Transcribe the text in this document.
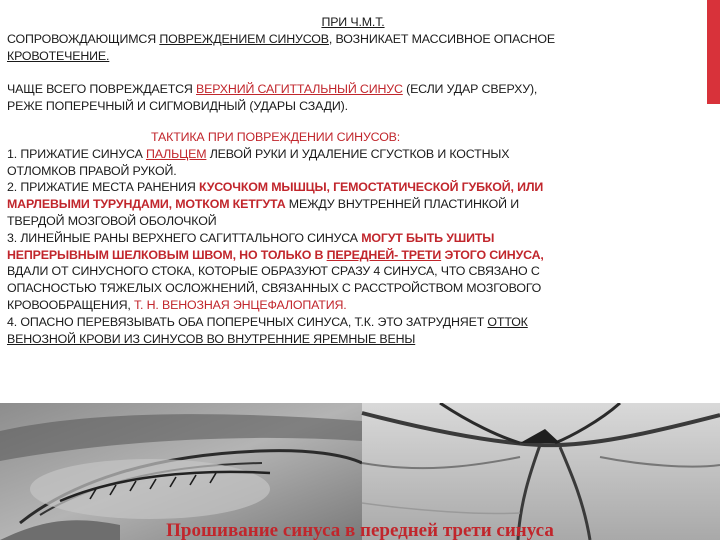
ПРИ Ч.М.Т.

СОПРОВОЖДАЮЩИМСЯ ПОВРЕЖДЕНИЕМ СИНУСОВ, ВОЗНИКАЕТ МАССИВНОЕ ОПАСНОЕ

КРОВОТЕЧЕНИЕ.

ЧАЩЕ ВСЕГО ПОВРЕЖДАЕТСЯ ВЕРХНИЙ САГИТТАЛЬНЫЙ СИНУС (ЕСЛИ УДАР СВЕРХУ),

РЕЖЕ ПОПЕРЕЧНЫЙ И СИГМОВИДНЫЙ (УДАРЫ СЗАДИ).

ТАКТИКА ПРИ ПОВРЕЖДЕНИИ СИНУСОВ:

1. ПРИЖАТИЕ СИНУСА ПАЛЬЦЕМ ЛЕВОЙ РУКИ И УДАЛЕНИЕ СГУСТКОВ И КОСТНЫХ

ОТЛОМКОВ ПРАВОЙ РУКОЙ.

2. ПРИЖАТИЕ МЕСТА РАНЕНИЯ КУСОЧКОМ МЫШЦЫ, ГЕМОСТАТИЧЕСКОЙ ГУБКОЙ, ИЛИ

МАРЛЕВЫМИ ТУРУНДАМИ, МОТКОМ КЕТГУТА МЕЖДУ ВНУТРЕННЕЙ ПЛАСТИНКОЙ И

ТВЕРДОЙ МОЗГОВОЙ ОБОЛОЧКОЙ

3. ЛИНЕЙНЫЕ РАНЫ ВЕРХНЕГО САГИТТАЛЬНОГО СИНУСА МОГУТ БЫТЬ УШИТЫ

НЕПРЕРЫВНЫМ ШЕЛКОВЫМ ШВОМ, НО ТОЛЬКО В ПЕРЕДНЕЙ- ТРЕТИ ЭТОГО СИНУСА,

ВДАЛИ ОТ СИНУСНОГО СТОКА, КОТОРЫЕ ОБРАЗУЮТ СРАЗУ 4 СИНУСА, ЧТО СВЯЗАНО С

ОПАСНОСТЬЮ ТЯЖЕЛЫХ ОСЛОЖНЕНИЙ, СВЯЗАННЫХ С РАССТРОЙСТВОМ МОЗГОВОГО

КРОВООБРАЩЕНИЯ, Т. Н. ВЕНОЗНАЯ ЭНЦЕФАЛОПАТИЯ.

4. ОПАСНО ПЕРЕВЯЗЫВАТЬ ОБА ПОПЕРЕЧНЫХ СИНУСА, Т.К. ЭТО ЗАТРУДНЯЕТ ОТТОК

ВЕНОЗНОЙ КРОВИ ИЗ СИНУСОВ ВО ВНУТРЕННИЕ ЯРЕМНЫЕ ВЕНЫ

Прошивание синуса в передней трети синуса
